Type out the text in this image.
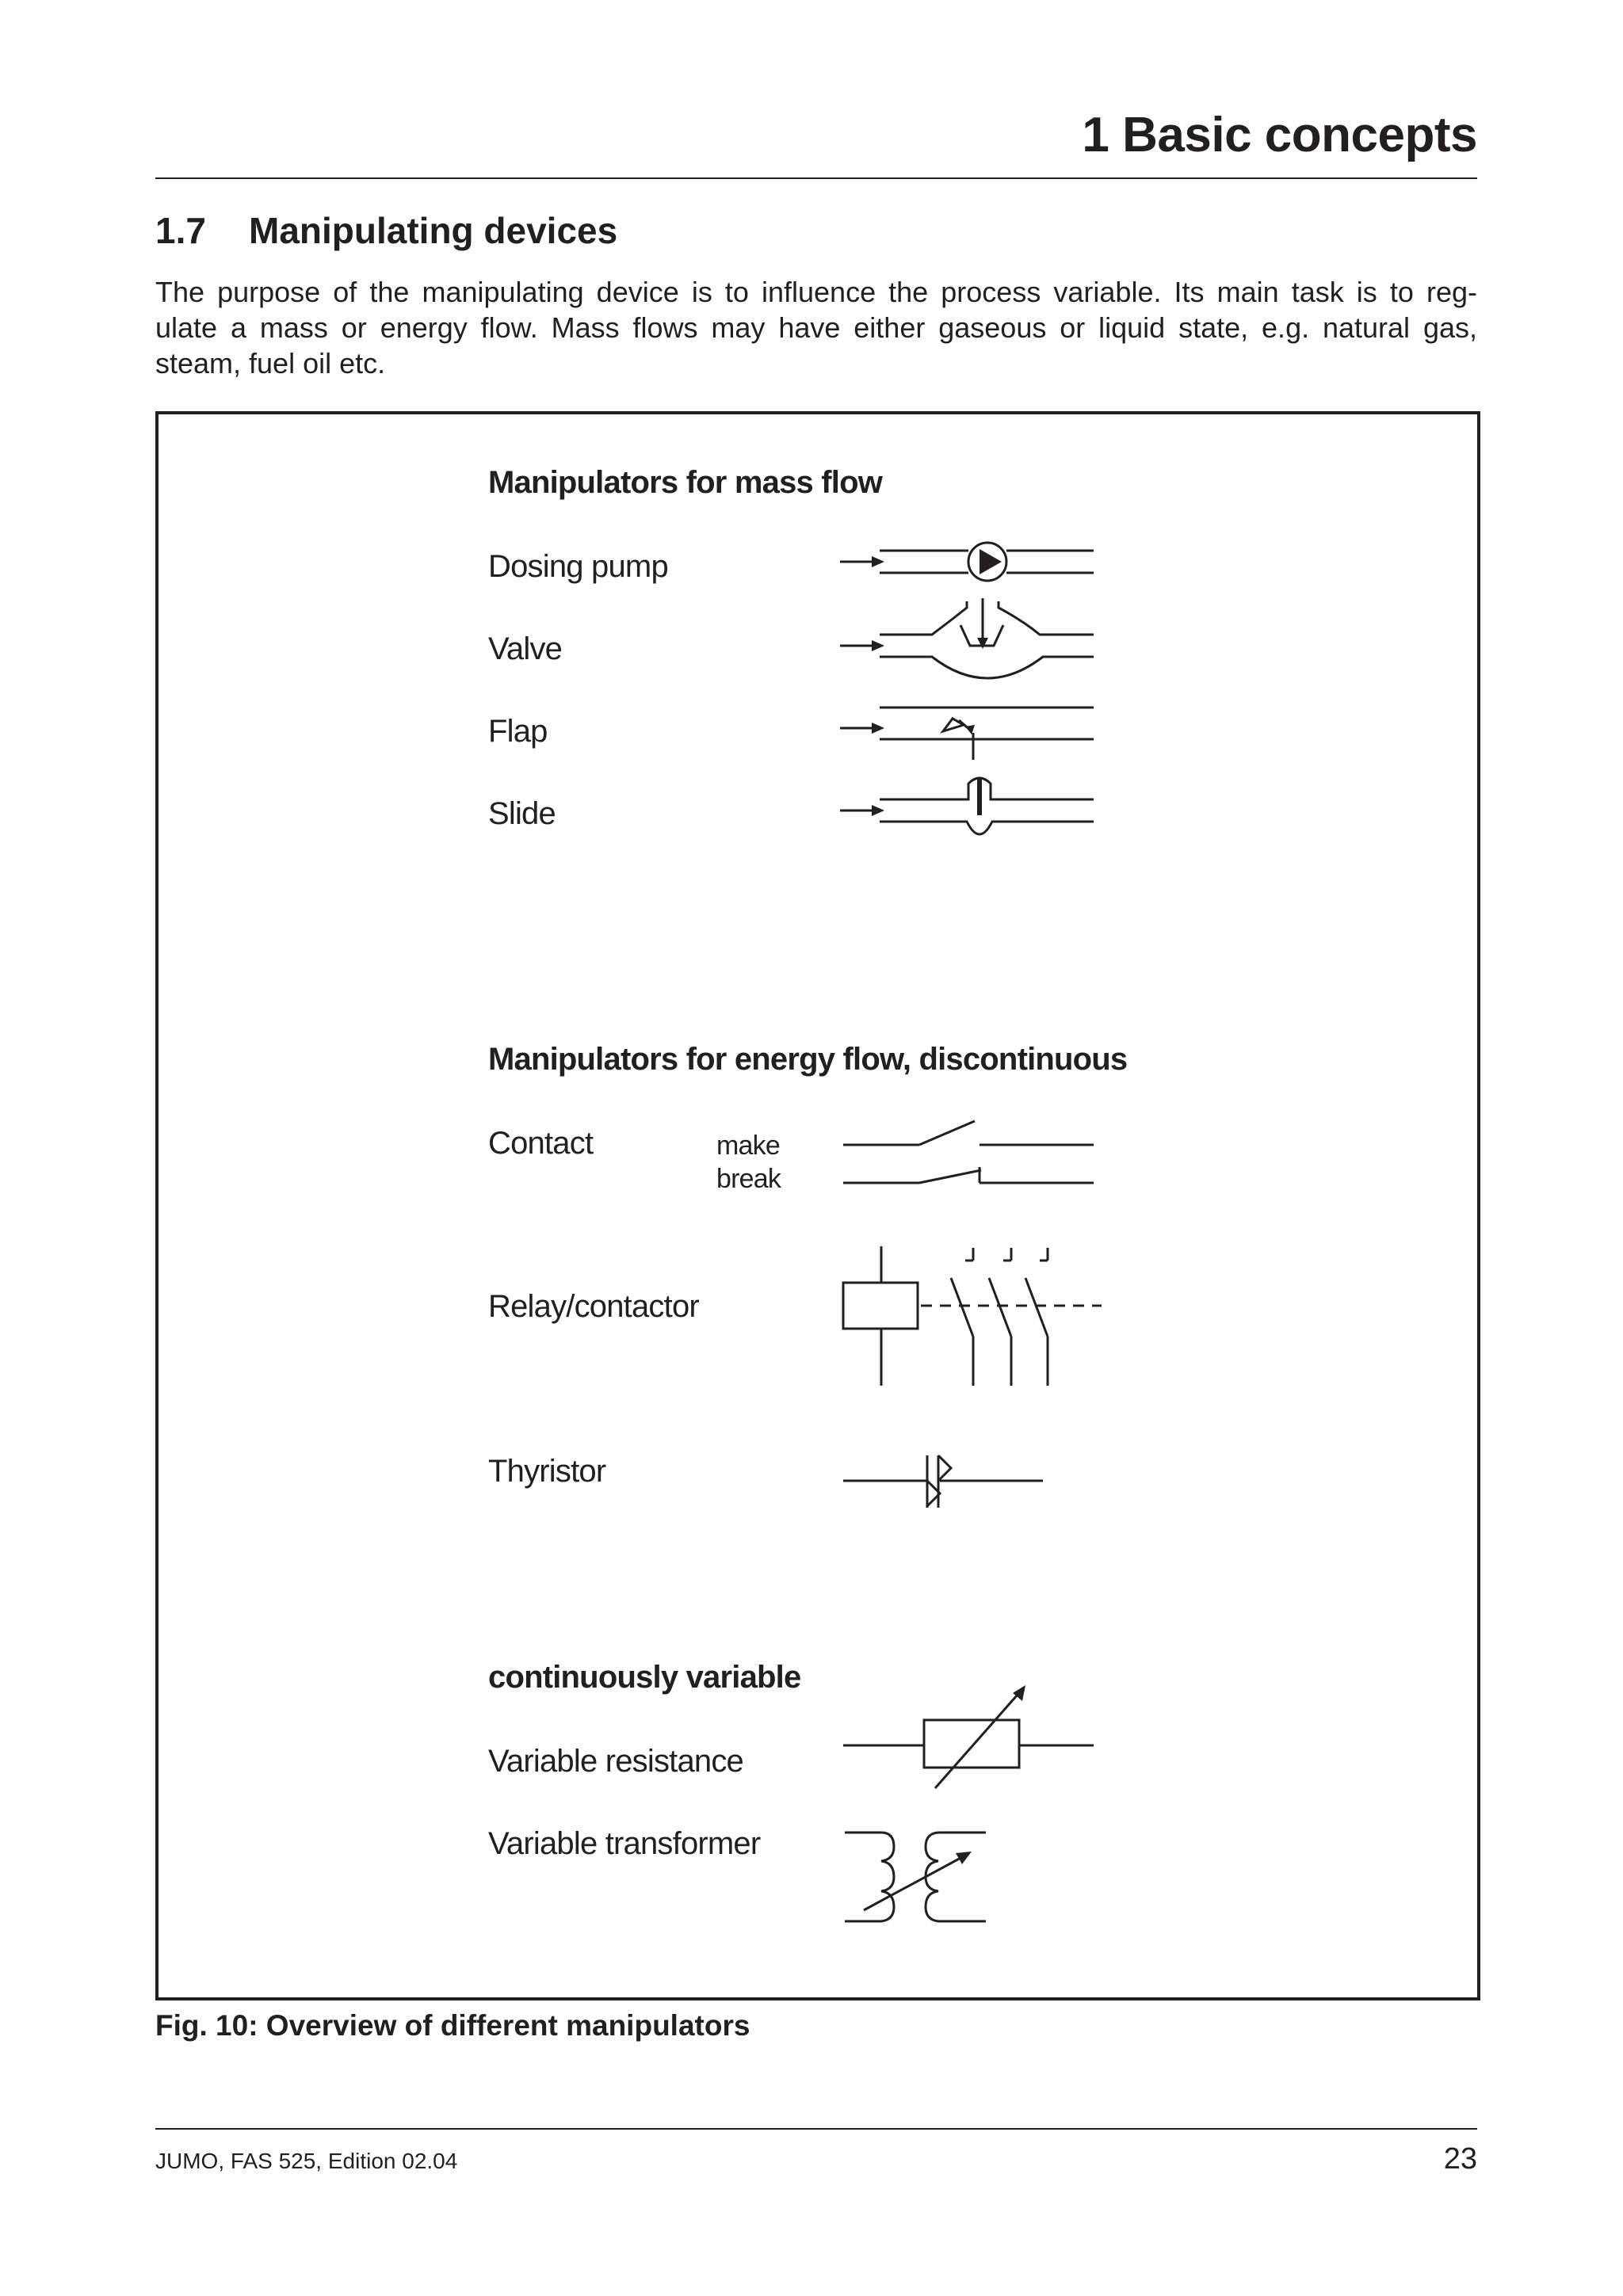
1 Basic concepts
1.7 Manipulating devices
The purpose of the manipulating device is to influence the process variable. Its main task is to reg-
ulate a mass or energy flow. Mass flows may have either gaseous or liquid state, e.g. natural gas,
steam, fuel oil etc.
Manipulators for mass flow
Dosing pump
Valve
Flap
Slide
Manipulators for energy flow, discontinuous
Contact	make
break
Relay/contactor
Thyristor
continuously variable
Variable resistance
Variable transformer
Fig. 10: Overview of different manipulators
JUMO, FAS 525, Edition 02.04	23
